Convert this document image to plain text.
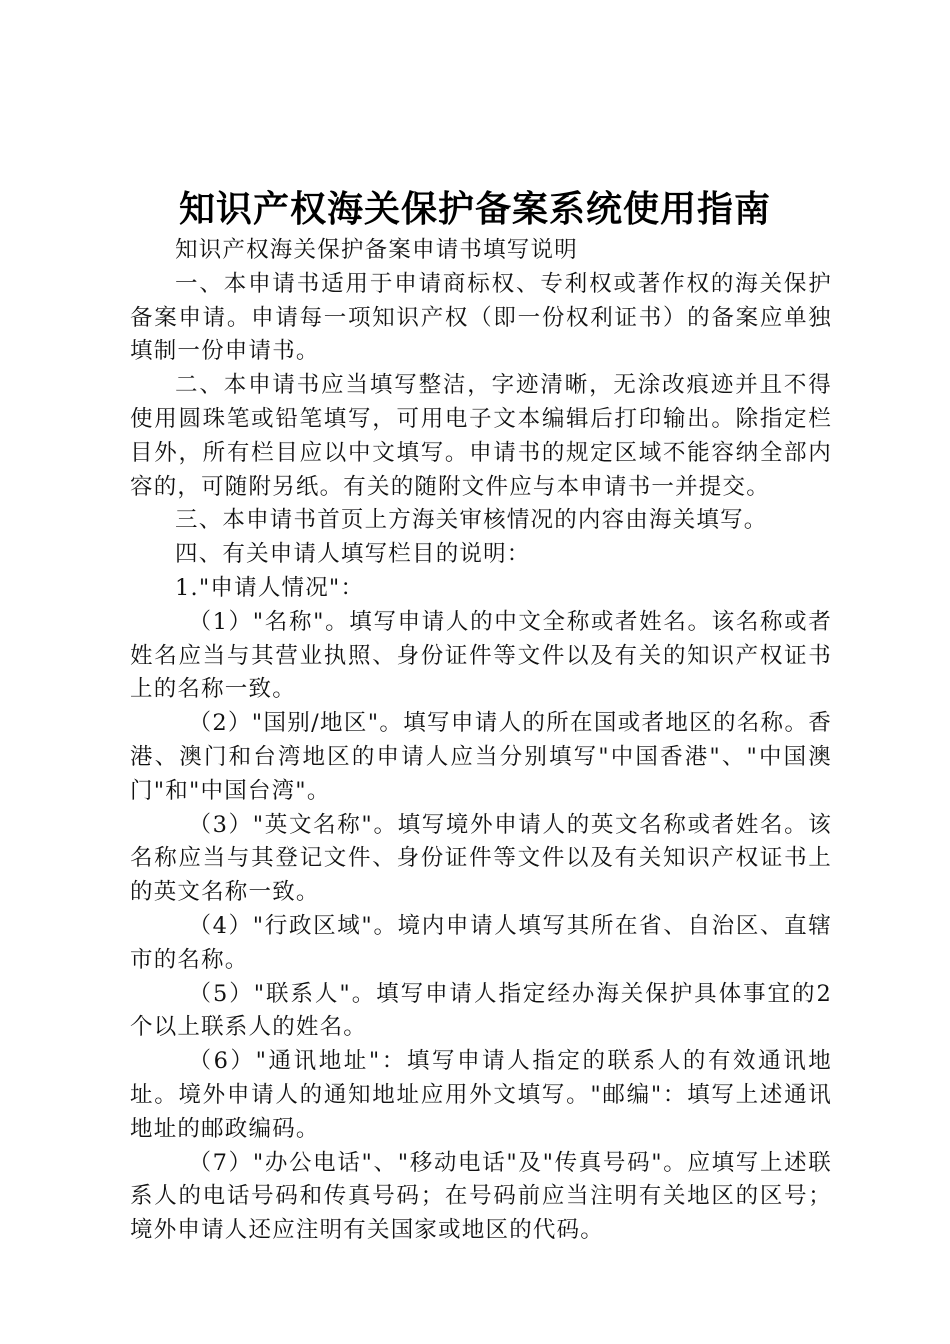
知识产权海关保护备案系统使用指南

知识产权海关保护备案申请书填写说明

一、本申请书适用于申请商标权、专利权或著作权的海关保护备案申请。申请每一项知识产权（即一份权利证书）的备案应单独填制一份申请书。

二、本申请书应当填写整洁，字迹清晰，无涂改痕迹并且不得使用圆珠笔或铅笔填写，可用电子文本编辑后打印输出。除指定栏目外，所有栏目应以中文填写。申请书的规定区域不能容纳全部内容的，可随附另纸。有关的随附文件应与本申请书一并提交。

三、本申请书首页上方海关审核情况的内容由海关填写。

四、有关申请人填写栏目的说明：

1."申请人情况"：

（1）"名称"。填写申请人的中文全称或者姓名。该名称或者姓名应当与其营业执照、身份证件等文件以及有关的知识产权证书上的名称一致。

（2）"国别/地区"。填写申请人的所在国或者地区的名称。香港、澳门和台湾地区的申请人应当分别填写"中国香港"、"中国澳门"和"中国台湾"。

（3）"英文名称"。填写境外申请人的英文名称或者姓名。该名称应当与其登记文件、身份证件等文件以及有关知识产权证书上的英文名称一致。

（4）"行政区域"。境内申请人填写其所在省、自治区、直辖市的名称。

（5）"联系人"。填写申请人指定经办海关保护具体事宜的2个以上联系人的姓名。

（6）"通讯地址"：填写申请人指定的联系人的有效通讯地址。境外申请人的通知地址应用外文填写。"邮编"：填写上述通讯地址的邮政编码。

（7）"办公电话"、"移动电话"及"传真号码"。应填写上述联系人的电话号码和传真号码；在号码前应当注明有关地区的区号；境外申请人还应注明有关国家或地区的代码。
